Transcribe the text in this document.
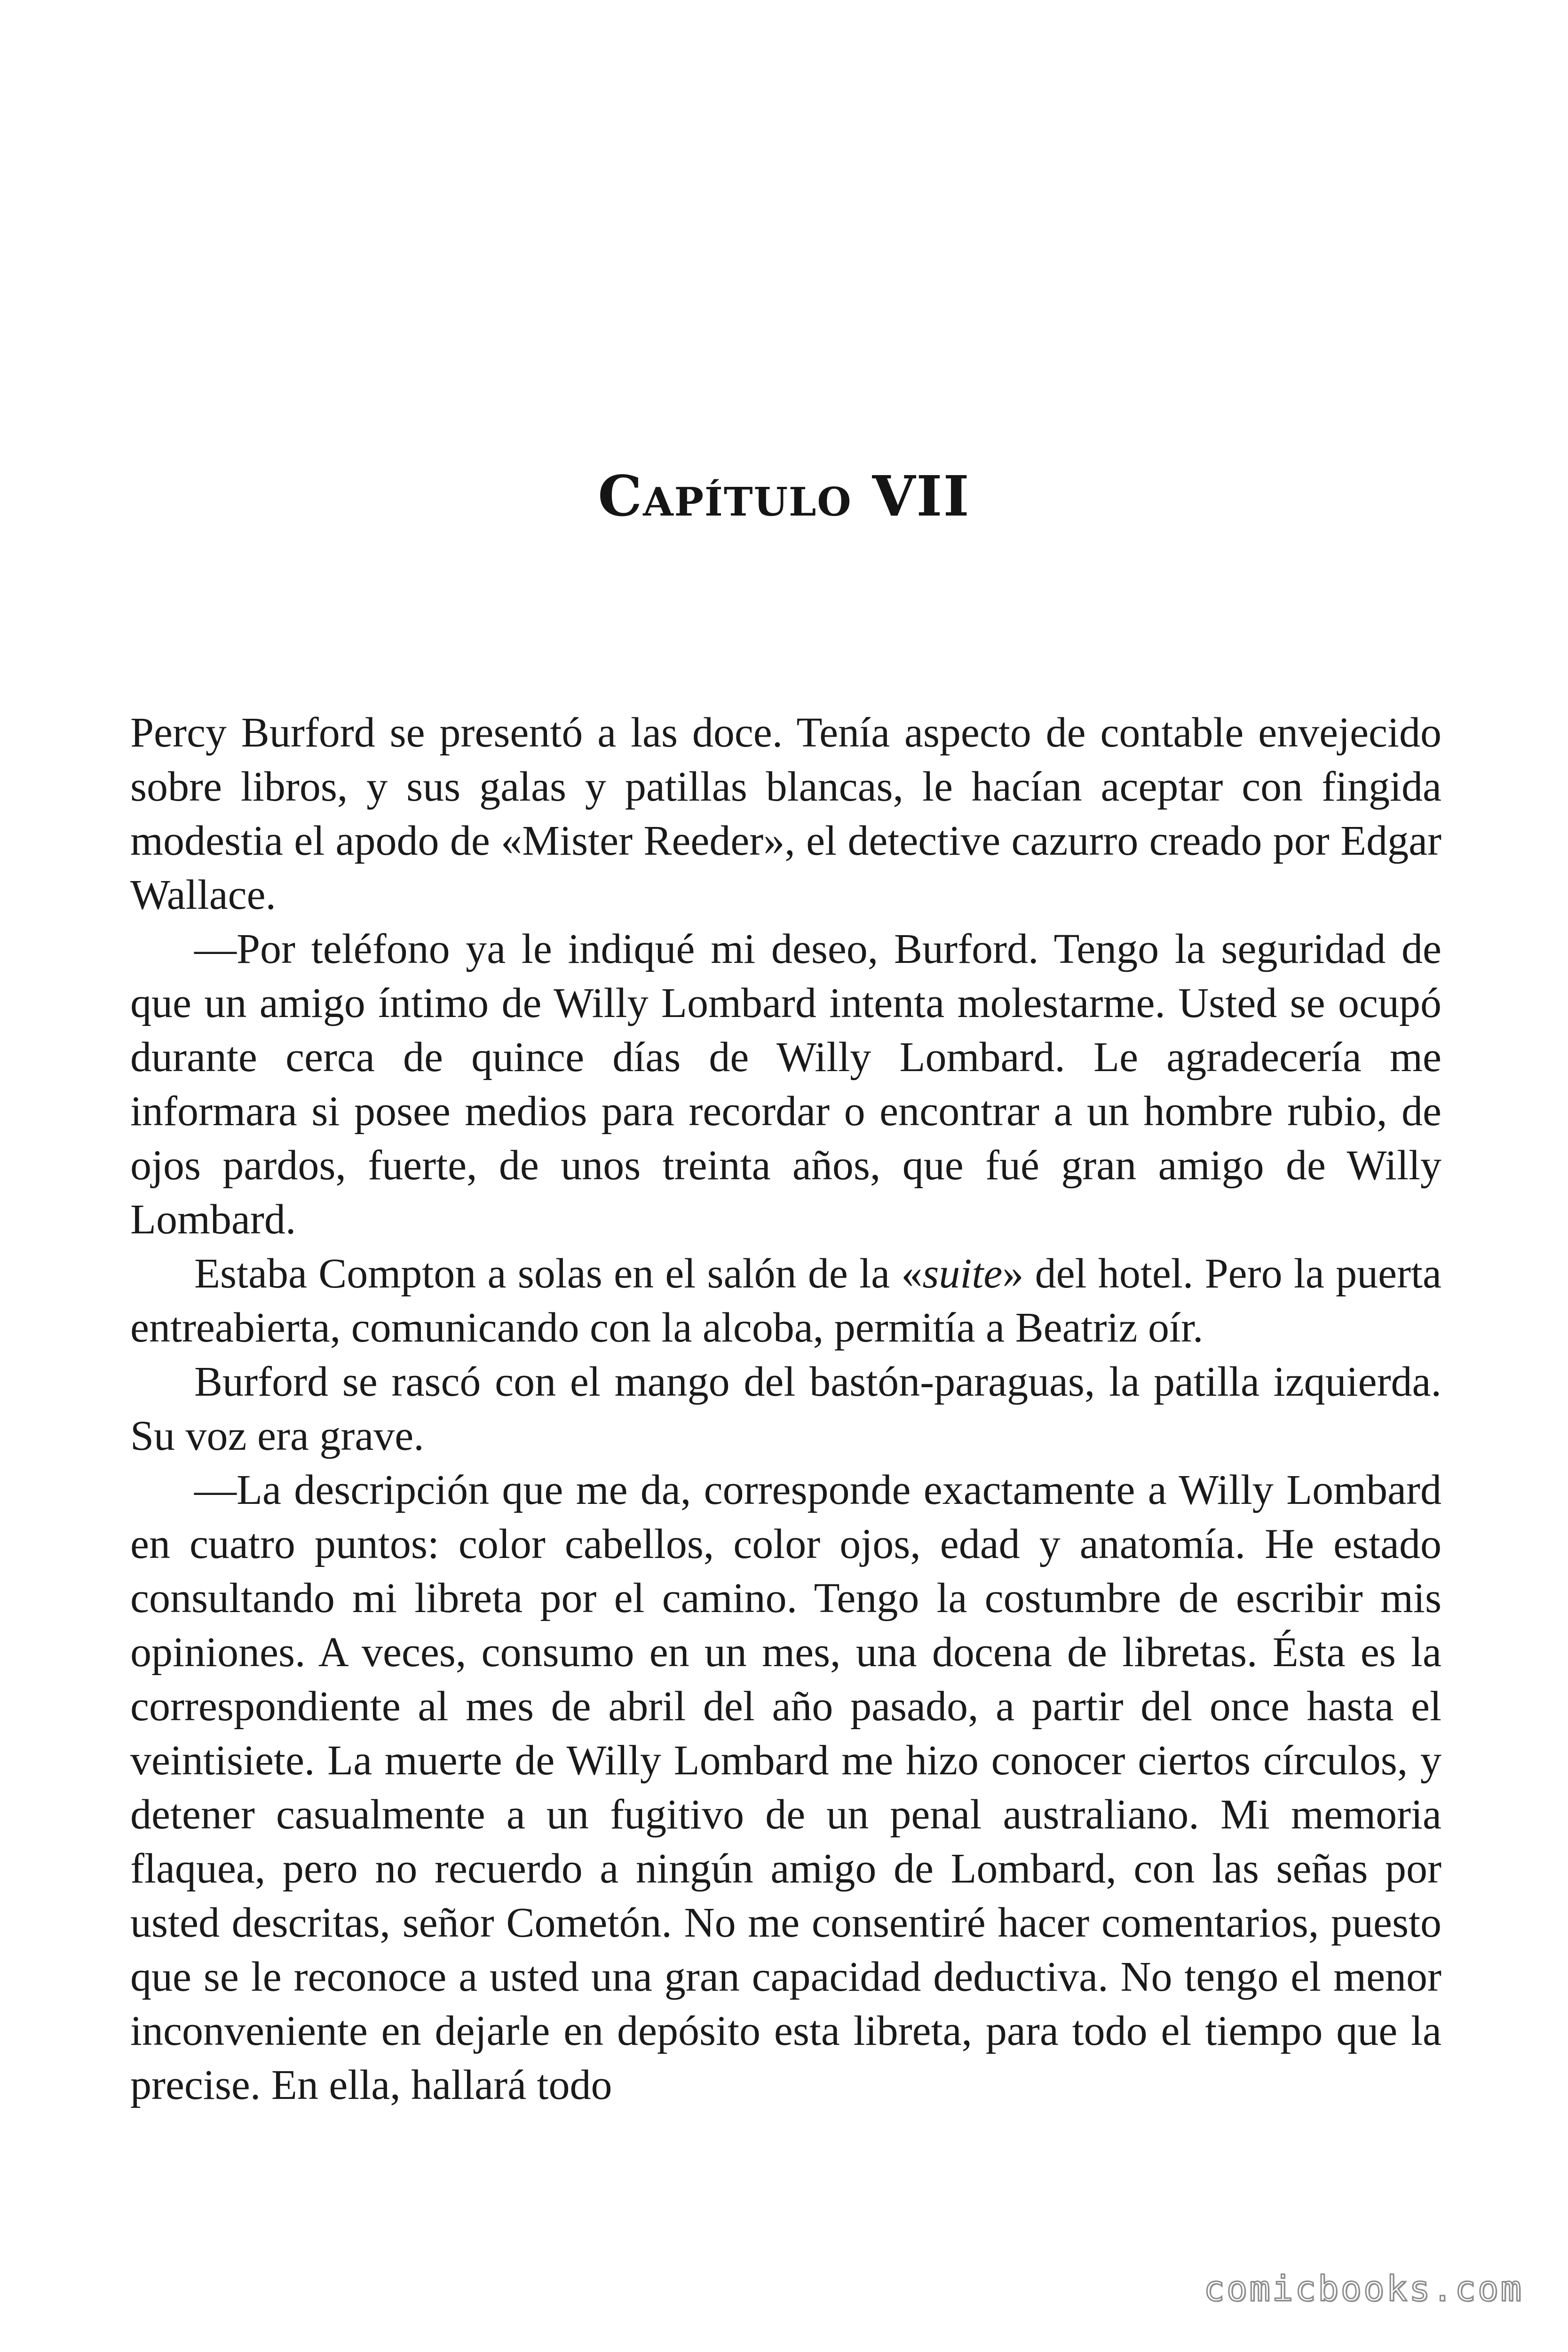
Capítulo VII

Percy Burford se presentó a las doce. Tenía aspecto de contable envejecido sobre libros, y sus galas y patillas blancas, le hacían aceptar con fingida modestia el apodo de «Mister Reeder», el detective cazurro creado por Edgar Wallace.

—Por teléfono ya le indiqué mi deseo, Burford. Tengo la seguridad de que un amigo íntimo de Willy Lombard intenta molestarme. Usted se ocupó durante cerca de quince días de Willy Lombard. Le agradecería me informara si posee medios para recordar o encontrar a un hombre rubio, de ojos pardos, fuerte, de unos treinta años, que fué gran amigo de Willy Lombard.

Estaba Compton a solas en el salón de la «suite» del hotel. Pero la puerta entreabierta, comunicando con la alcoba, permitía a Beatriz oír.

Burford se rascó con el mango del bastón-paraguas, la patilla izquierda. Su voz era grave.

—La descripción que me da, corresponde exactamente a Willy Lombard en cuatro puntos: color cabellos, color ojos, edad y anatomía. He estado consultando mi libreta por el camino. Tengo la costumbre de escribir mis opiniones. A veces, consumo en un mes, una docena de libretas. Ésta es la correspondiente al mes de abril del año pasado, a partir del once hasta el veintisiete. La muerte de Willy Lombard me hizo conocer ciertos círculos, y detener casualmente a un fugitivo de un penal australiano. Mi memoria flaquea, pero no recuerdo a ningún amigo de Lombard, con las señas por usted descritas, señor Cometón. No me consentiré hacer comentarios, puesto que se le reconoce a usted una gran capacidad deductiva. No tengo el menor inconveniente en dejarle en depósito esta libreta, para todo el tiempo que la precise. En ella, hallará todo

comicbooks.com
